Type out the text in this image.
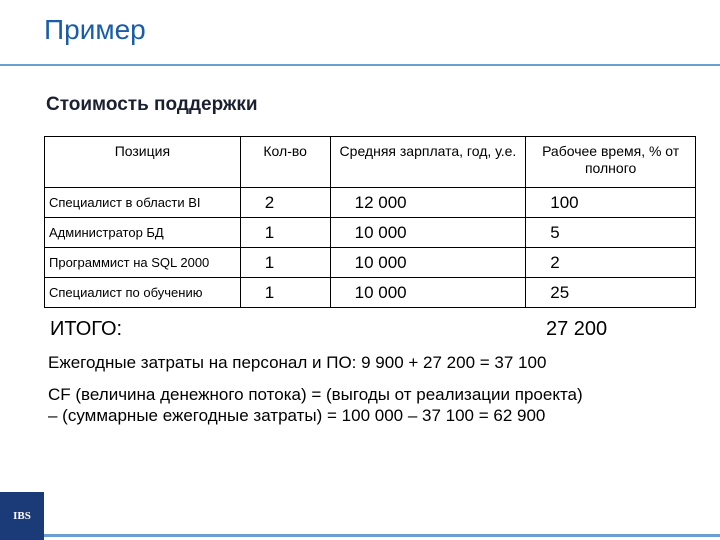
Пример
Стоимость поддержки
Позиция	Кол-во	Средняя зарплата, год, у.е.	Рабочее время, % от полного
Специалист в области BI	2	12 000	100
Администратор БД	1	10 000	5
Программист на SQL 2000	1	10 000	2
Специалист по обучению	1	10 000	25
ИТОГО:	27 200
Ежегодные затраты на персонал и ПО: 9 900 + 27 200 = 37 100
CF (величина денежного потока) = (выгоды от реализации проекта)
– (суммарные ежегодные затраты) = 100 000 – 37 100 = 62 900
IBS
